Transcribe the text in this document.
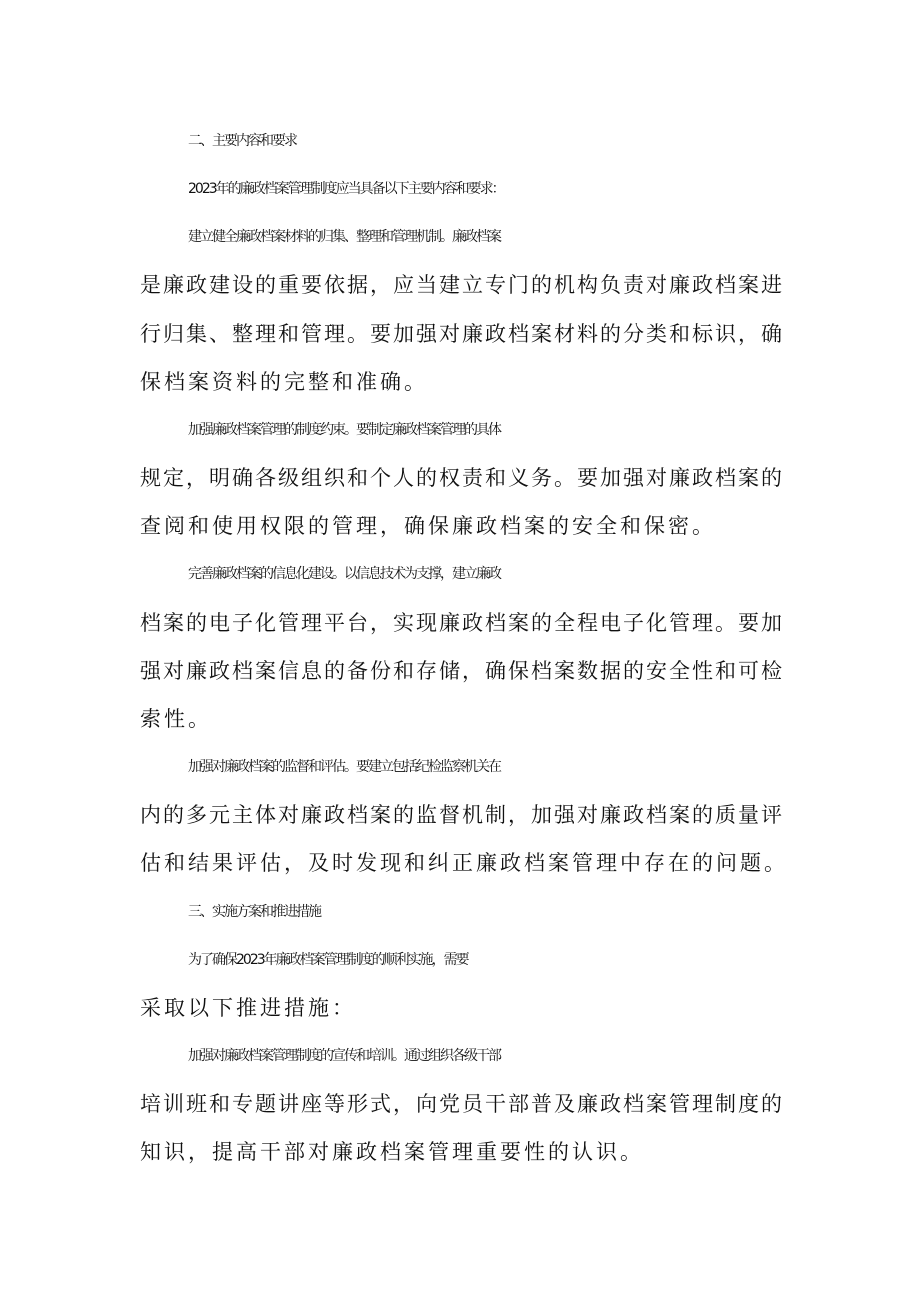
二、主要内容和要求
2023年的廉政档案管理制度应当具备以下主要内容和要求：
建立健全廉政档案材料的归集、整理和管理机制。廉政档案
是廉政建设的重要依据，应当建立专门的机构负责对廉政档案进
行归集、整理和管理。要加强对廉政档案材料的分类和标识，确
保档案资料的完整和准确。
加强廉政档案管理的制度约束。要制定廉政档案管理的具体
规定，明确各级组织和个人的权责和义务。要加强对廉政档案的
查阅和使用权限的管理，确保廉政档案的安全和保密。
完善廉政档案的信息化建设。以信息技术为支撑，建立廉政
档案的电子化管理平台，实现廉政档案的全程电子化管理。要加
强对廉政档案信息的备份和存储，确保档案数据的安全性和可检
索性。
加强对廉政档案的监督和评估。要建立包括纪检监察机关在
内的多元主体对廉政档案的监督机制，加强对廉政档案的质量评
估和结果评估，及时发现和纠正廉政档案管理中存在的问题。
三、实施方案和推进措施
为了确保2023年廉政档案管理制度的顺利实施，需要
采取以下推进措施：
加强对廉政档案管理制度的宣传和培训。通过组织各级干部
培训班和专题讲座等形式，向党员干部普及廉政档案管理制度的
知识，提高干部对廉政档案管理重要性的认识。
